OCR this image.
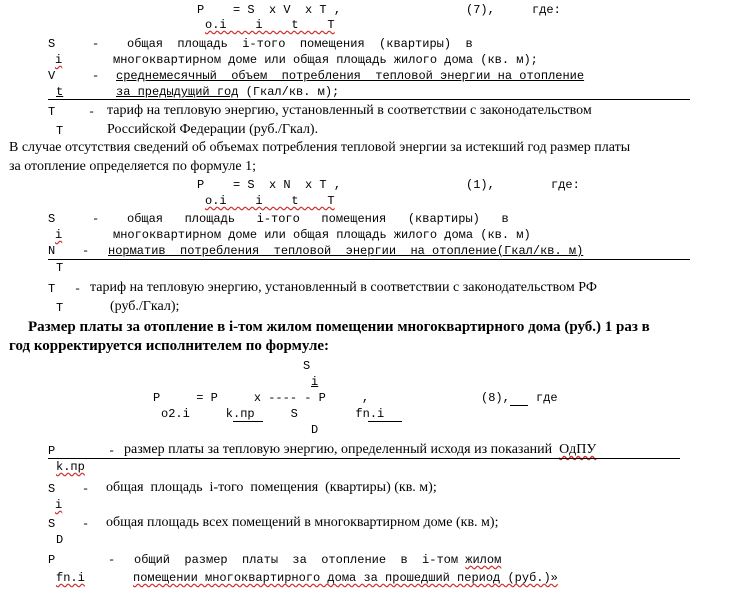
P    = S  x V  x T ,	(7),	где:
o.i    i    t    T
S	- общая  площадь  i-того  помещения  (квартиры)  в
i	многоквартирном доме или общая площадь жилого дома (кв. м);
V	- среднемесячный  объем  потребления  тепловой энергии на отопление
t	за предыдущий год (Гкал/кв. м);
T	- тариф на тепловую энергию, установленный в соответствии с законодательством
T	Российской Федерации (руб./Гкал).
В случае отсутствия сведений об объемах потребления тепловой энергии за истекший год размер платы
за отопление определяется по формуле 1;
P    = S  x N  x T ,	(1),	где:
o.i    i    t    T
S	- общая   площадь   i-того   помещения   (квартиры)   в
i	многоквартирном доме или общая площадь жилого дома (кв. м)
N - норматив  потребления  тепловой  энергии  на отопление(Гкал/кв. м)
T
T - тариф на тепловую энергию, установленный в соответствии с законодательством РФ
T	(руб./Гкал);
Размер платы за отопление в i-том жилом помещении многоквартирного дома (руб.) 1 раз в
год корректируется исполнителем по формуле:
S
i
P     = P     x ---- - P     ,	(8), где
o2.i     k.пр     S        fn.i
D
P	- размер платы за тепловую энергию, определенный исходя из показаний ОдПУ
k.пр
S - общая  площадь  i-того  помещения  (квартиры) (кв. м);
i
S - общая площадь всех помещений в многоквартирном доме (кв. м);
D
P	- общий  размер  платы  за  отопление  в  i-том жилом
fn.i	помещении многоквартирного дома за прошедший период (руб.)»
